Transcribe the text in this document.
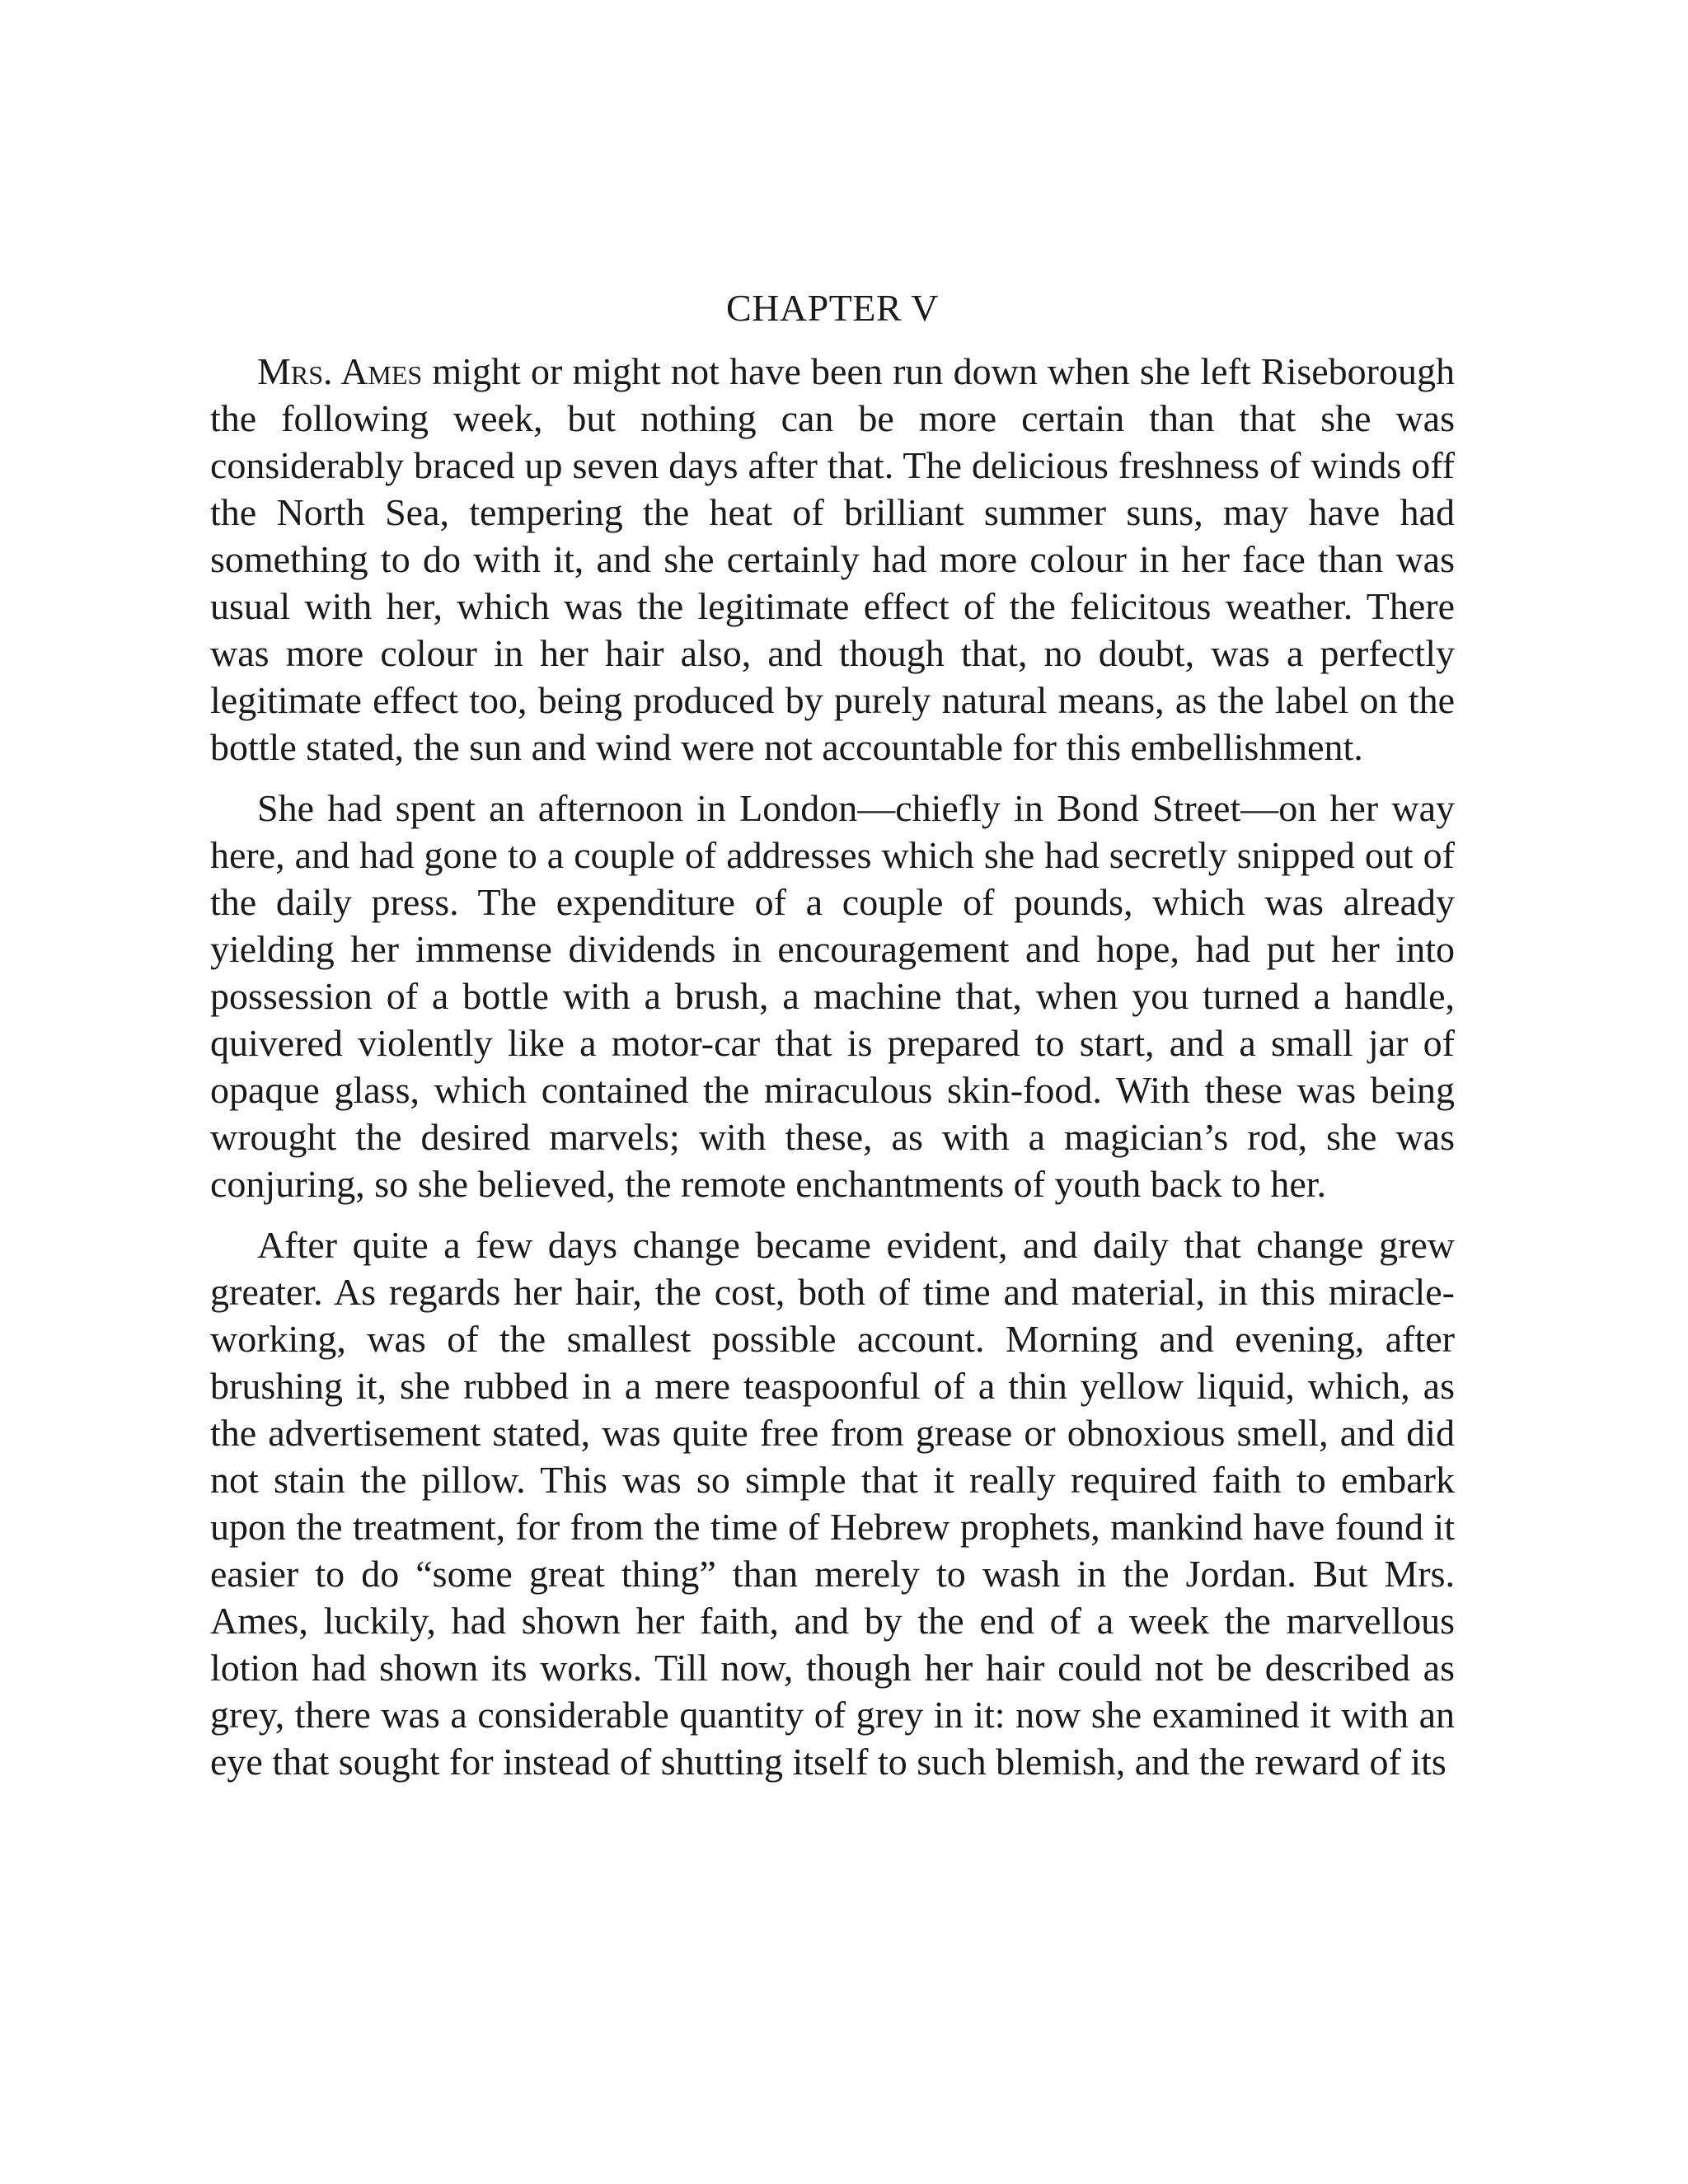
CHAPTER V

Mrs. Ames might or might not have been run down when she left Riseborough the following week, but nothing can be more certain than that she was considerably braced up seven days after that. The delicious freshness of winds off the North Sea, tempering the heat of brilliant summer suns, may have had something to do with it, and she certainly had more colour in her face than was usual with her, which was the legitimate effect of the felicitous weather. There was more colour in her hair also, and though that, no doubt, was a perfectly legitimate effect too, being produced by purely natural means, as the label on the bottle stated, the sun and wind were not accountable for this embellishment.

She had spent an afternoon in London—chiefly in Bond Street—on her way here, and had gone to a couple of addresses which she had secretly snipped out of the daily press. The expenditure of a couple of pounds, which was already yielding her immense dividends in encouragement and hope, had put her into possession of a bottle with a brush, a machine that, when you turned a handle, quivered violently like a motor-car that is prepared to start, and a small jar of opaque glass, which contained the miraculous skin-food. With these was being wrought the desired marvels; with these, as with a magician’s rod, she was conjuring, so she believed, the remote enchantments of youth back to her.

After quite a few days change became evident, and daily that change grew greater. As regards her hair, the cost, both of time and material, in this miracle-working, was of the smallest possible account. Morning and evening, after brushing it, she rubbed in a mere teaspoonful of a thin yellow liquid, which, as the advertisement stated, was quite free from grease or obnoxious smell, and did not stain the pillow. This was so simple that it really required faith to embark upon the treatment, for from the time of Hebrew prophets, mankind have found it easier to do “some great thing” than merely to wash in the Jordan. But Mrs. Ames, luckily, had shown her faith, and by the end of a week the marvellous lotion had shown its works. Till now, though her hair could not be described as grey, there was a considerable quantity of grey in it: now she examined it with an eye that sought for instead of shutting itself to such blemish, and the reward of its
